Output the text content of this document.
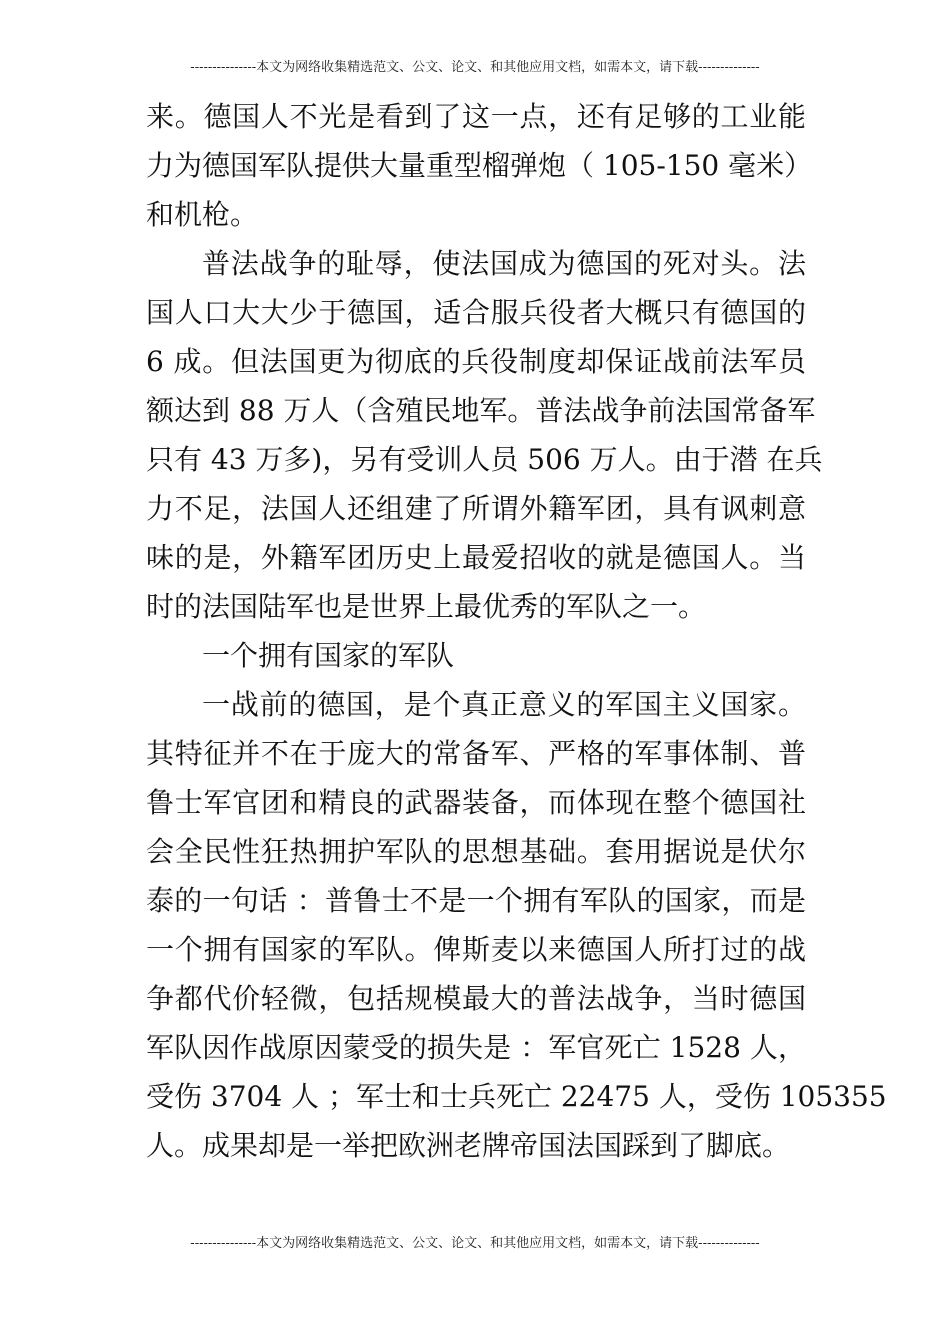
---------------本文为网络收集精选范文、公文、论文、和其他应用文档，如需本文，请下载--------------
来。德国人不光是看到了这一点，还有足够的工业能
力为德国军队提供大量重型榴弹炮（ 105-150 毫米）
和机枪。
普法战争的耻辱，使法国成为德国的死对头。法
国人口大大少于德国，适合服兵役者大概只有德国的
6 成。但法国更为彻底的兵役制度却保证战前法军员
额达到 88 万人（含殖民地军。普法战争前法国常备军
只有 43 万多)，另有受训人员 506 万人。由于潜 在兵
力不足，法国人还组建了所谓外籍军团，具有讽刺意
味的是，外籍军团历史上最爱招收的就是德国人。当
时的法国陆军也是世界上最优秀的军队之一。
一个拥有国家的军队
一战前的德国，是个真正意义的军国主义国家。
其特征并不在于庞大的常备军、严格的军事体制、普
鲁士军官团和精良的武器装备，而体现在整个德国社
会全民性狂热拥护军队的思想基础。套用据说是伏尔
泰的一句话 ：普鲁士不是一个拥有军队的国家，而是
一个拥有国家的军队。俾斯麦以来德国人所打过的战
争都代价轻微，包括规模最大的普法战争，当时德国
军队因作战原因蒙受的损失是 ：军官死亡 1528 人，
受伤 3704 人 ；军士和士兵死亡 22475 人，受伤 105355
人。成果却是一举把欧洲老牌帝国法国踩到了脚底。
---------------本文为网络收集精选范文、公文、论文、和其他应用文档，如需本文，请下载--------------
